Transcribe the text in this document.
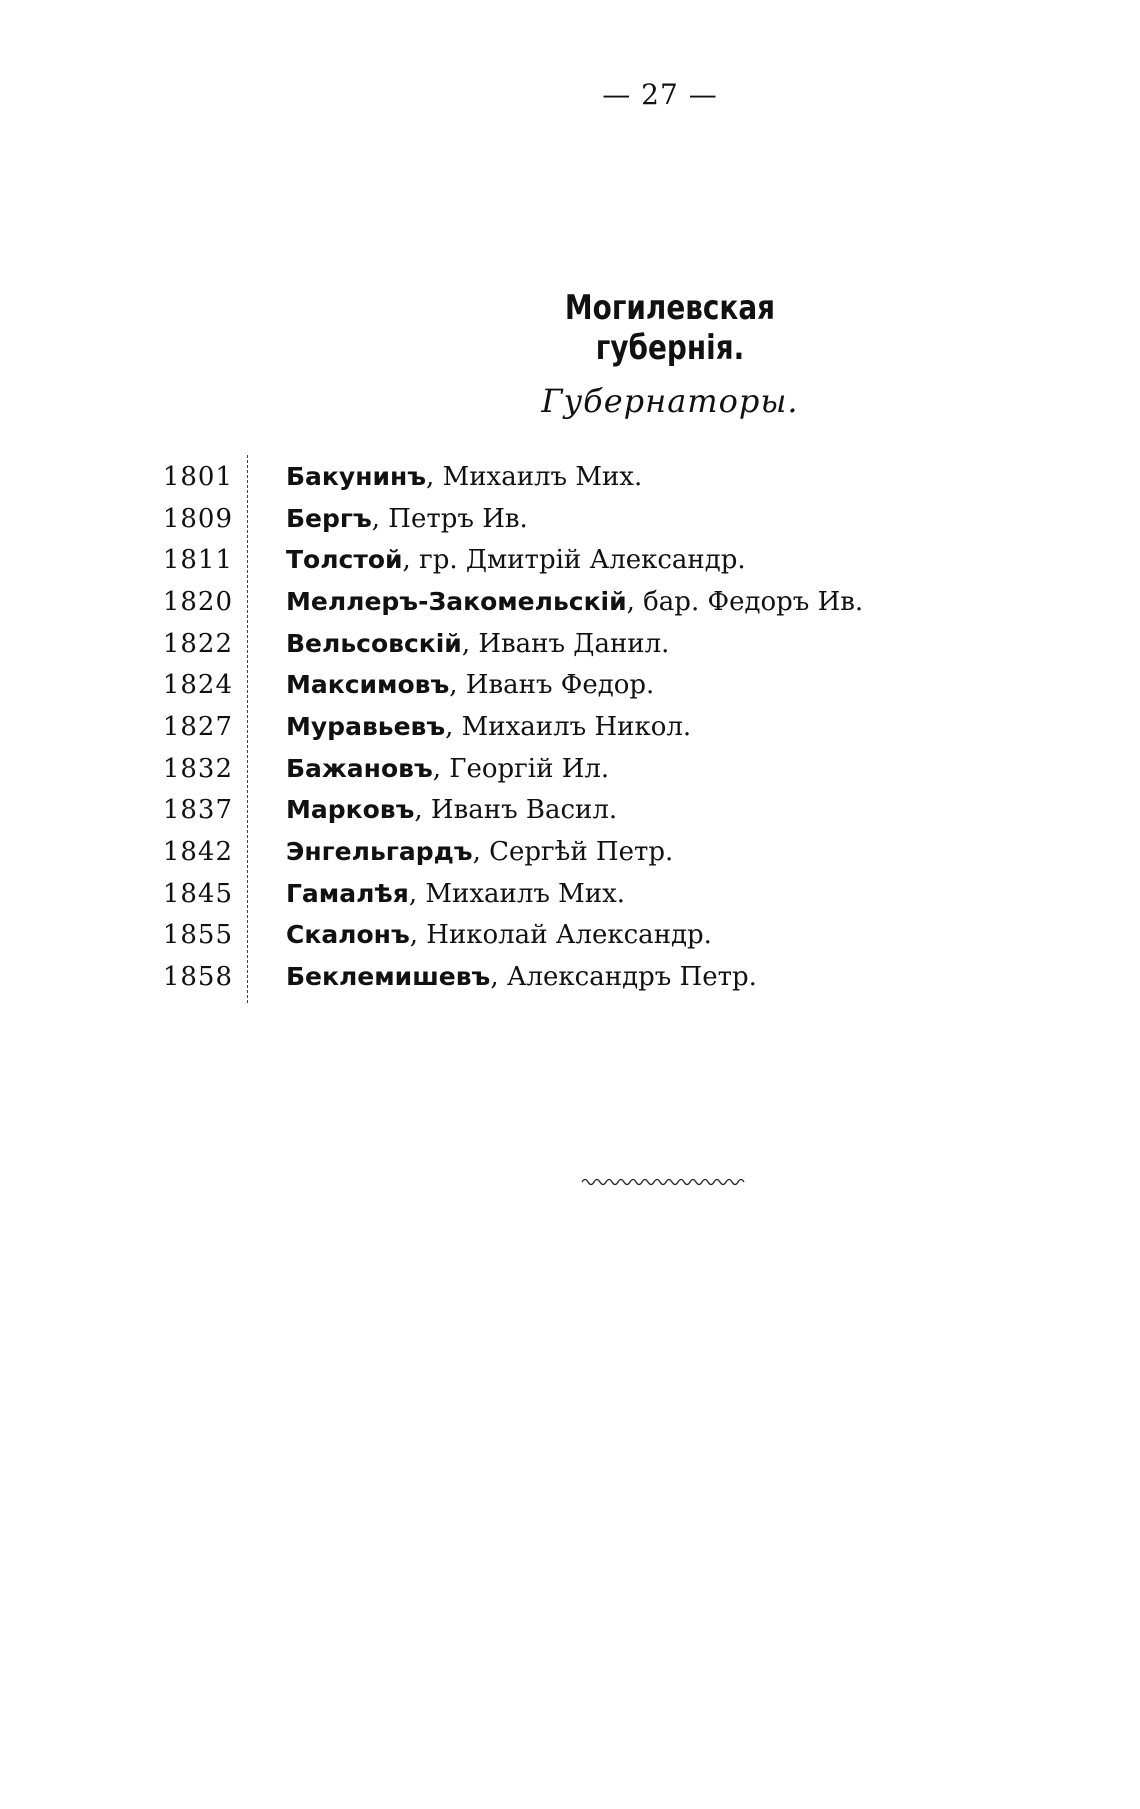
— 27 —
Могилевская губернія.
Губернаторы.
1801 Бакунинъ, Михаилъ Мих.
1809 Бергъ, Петръ Ив.
1811 Толстой, гр. Дмитрій Александр.
1820 Меллеръ-Закомельскій, бар. Федоръ Ив.
1822 Вельсовскій, Иванъ Данил.
1824 Максимовъ, Иванъ Федор.
1827 Муравьевъ, Михаилъ Никол.
1832 Бажановъ, Георгій Ил.
1837 Марковъ, Иванъ Васил.
1842 Энгельгардъ, Сергѣй Петр.
1845 Гамалѣя, Михаилъ Мих.
1855 Скалонъ, Николай Александр.
1858 Беклемишевъ, Александръ Петр.
